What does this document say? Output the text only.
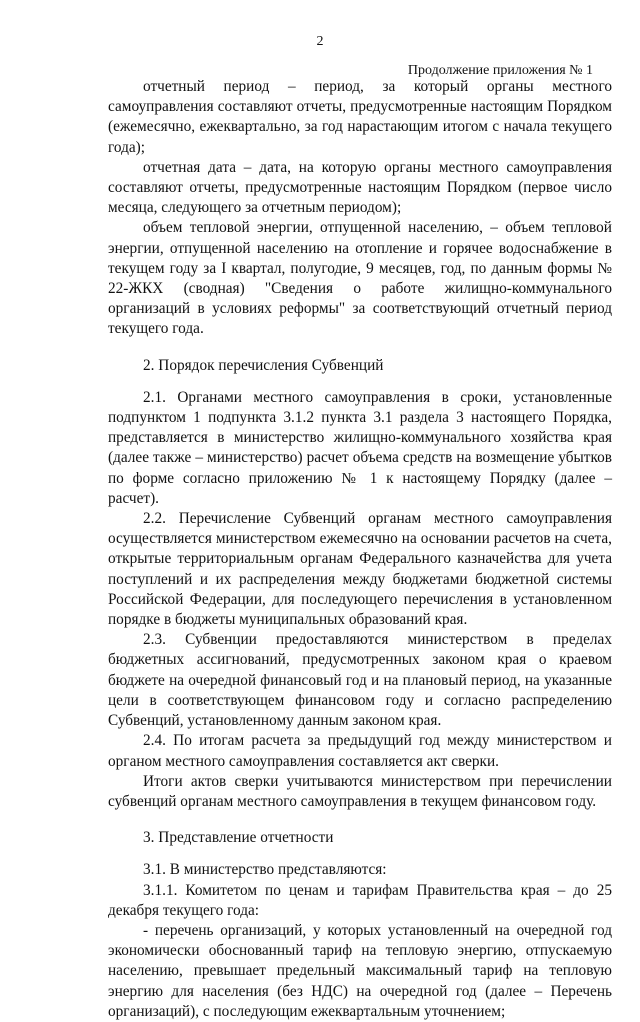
2
Продолжение приложения № 1

отчетный период – период, за который органы местного самоуправления составляют отчеты, предусмотренные настоящим Порядком (ежемесячно, ежеквартально, за год нарастающим итогом с начала текущего года);

отчетная дата – дата, на которую органы местного самоуправления составляют отчеты, предусмотренные настоящим Порядком (первое число месяца, следующего за отчетным периодом);

объем тепловой энергии, отпущенной населению, – объем тепловой энергии, отпущенной населению на отопление и горячее водоснабжение в текущем году за I квартал, полугодие, 9 месяцев, год, по данным формы № 22-ЖКХ (сводная) "Сведения о работе жилищно-коммунального организаций в условиях реформы" за соответствующий отчетный период текущего года.

2. Порядок перечисления Субвенций

2.1. Органами местного самоуправления в сроки, установленные подпунктом 1 подпункта 3.1.2 пункта 3.1 раздела 3 настоящего Порядка, представляется в министерство жилищно-коммунального хозяйства края (далее также – министерство) расчет объема средств на возмещение убытков по форме согласно приложению № 1 к настоящему Порядку (далее – расчет).

2.2. Перечисление Субвенций органам местного самоуправления осуществляется министерством ежемесячно на основании расчетов на счета, открытые территориальным органам Федерального казначейства для учета поступлений и их распределения между бюджетами бюджетной системы Российской Федерации, для последующего перечисления в установленном порядке в бюджеты муниципальных образований края.

2.3. Субвенции предоставляются министерством в пределах бюджетных ассигнований, предусмотренных законом края о краевом бюджете на очередной финансовый год и на плановый период, на указанные цели в соответствующем финансовом году и согласно распределению Субвенций, установленному данным законом края.

2.4. По итогам расчета за предыдущий год между министерством и органом местного самоуправления составляется акт сверки.

Итоги актов сверки учитываются министерством при перечислении субвенций органам местного самоуправления в текущем финансовом году.

3. Представление отчетности

3.1. В министерство представляются:

3.1.1. Комитетом по ценам и тарифам Правительства края – до 25 декабря текущего года:

- перечень организаций, у которых установленный на очередной год экономически обоснованный тариф на тепловую энергию, отпускаемую населению, превышает предельный максимальный тариф на тепловую энергию для населения (без НДС) на очередной год (далее – Перечень организаций), с последующим ежеквартальным уточнением;
